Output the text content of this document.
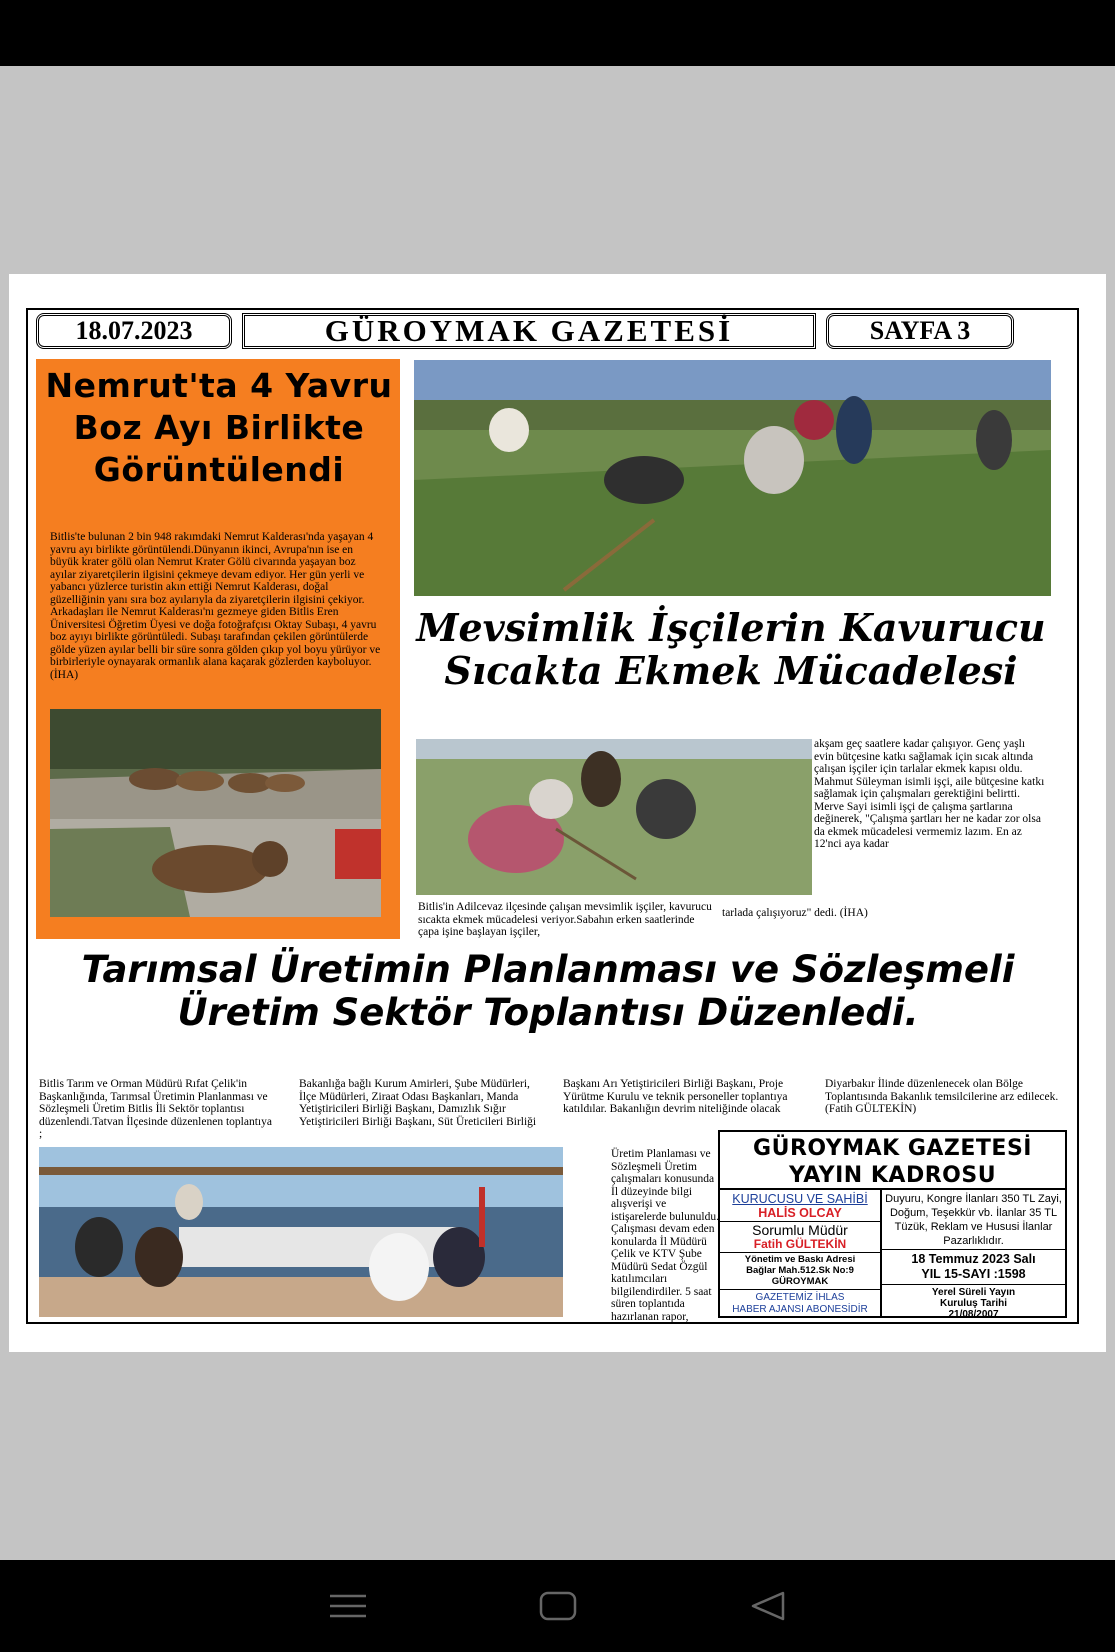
18.07.2023	GÜROYMAK GAZETESİ	SAYFA 3
Nemrut'ta 4 Yavru Boz Ayı Birlikte Görüntülendi
Bitlis'te bulunan 2 bin 948 rakımdaki Nemrut Kalderası'nda yaşayan 4 yavru ayı birlikte görüntülendi.Dünyanın ikinci, Avrupa'nın ise en büyük krater gölü olan Nemrut Krater Gölü civarında yaşayan boz ayılar ziyaretçilerin ilgisini çekmeye devam ediyor. Her gün yerli ve yabancı yüzlerce turistin akın ettiği Nemrut Kalderası, doğal güzelliğinin yanı sıra boz ayılarıyla da ziyaretçilerin ilgisini çekiyor. Arkadaşları ile Nemrut Kalderası'nı gezmeye giden Bitlis Eren Üniversitesi Öğretim Üyesi ve doğa fotoğrafçısı Oktay Subaşı, 4 yavru boz ayıyı birlikte görüntüledi. Subaşı tarafından çekilen görüntülerde gölde yüzen ayılar belli bir süre sonra gölden çıkıp yol boyu yürüyor ve birbirleriyle oynayarak ormanlık alana kaçarak gözlerden kayboluyor.(İHA)
Mevsimlik İşçilerin Kavurucu Sıcakta Ekmek Mücadelesi
Bitlis'in Adilcevaz ilçesinde çalışan mevsimlik işçiler, kavurucu sıcakta ekmek mücadelesi veriyor.Sabahın erken saatlerinde çapa işine başlayan işçiler,
akşam geç saatlere kadar çalışıyor. Genç yaşlı evin bütçesine katkı sağlamak için sıcak altında çalışan işçiler için tarlalar ekmek kapısı oldu. Mahmut Süleyman isimli işçi, aile bütçesine katkı sağlamak için çalışmaları gerektiğini belirtti. Merve Sayi isimli işçi de çalışma şartlarına değinerek, "Çalışma şartları her ne kadar zor olsa da ekmek mücadelesi vermemiz lazım. En az 12'nci aya kadar
tarlada çalışıyoruz" dedi. (İHA)
Tarımsal Üretimin Planlanması ve Sözleşmeli Üretim Sektör Toplantısı Düzenledi.
Bitlis Tarım ve Orman Müdürü Rıfat Çelik'in Başkanlığında, Tarımsal Üretimin Planlanması ve Sözleşmeli Üretim Bitlis İli Sektör toplantısı düzenlendi.Tatvan İlçesinde düzenlenen toplantıya ;
Bakanlığa bağlı Kurum Amirleri, Şube Müdürleri, İlçe Müdürleri, Ziraat Odası Başkanları, Manda Yetiştiricileri Birliği Başkanı, Damızlık Sığır Yetiştiricileri Birliği Başkanı, Süt Üreticileri Birliği
Başkanı Arı Yetiştiricileri Birliği Başkanı, Proje Yürütme Kurulu ve teknik personeller toplantıya katıldılar. Bakanlığın devrim niteliğinde olacak
Üretim Planlaması ve Sözleşmeli Üretim çalışmaları konusunda İl düzeyinde bilgi alışverişi ve istişarelerde bulunuldu. Çalışması devam eden konularda İl Müdürü Çelik ve KTV Şube Müdürü Sedat Özgül katılımcıları bilgilendirdiler. 5 saat süren toplantıda hazırlanan rapor,
Diyarbakır İlinde düzenlenecek olan Bölge Toplantısında Bakanlık temsilcilerine arz edilecek. (Fatih GÜLTEKİN)
GÜROYMAK GAZETESİ
YAYIN KADROSU
KURUCUSU VE SAHİBİ
HALİS OLCAY
Sorumlu Müdür
Fatih GÜLTEKİN
Yönetim ve Baskı Adresi
Bağlar Mah.512.Sk No:9
GÜROYMAK
GAZETEMİZ İHLAS
HABER AJANSI ABONESİDİR
Duyuru, Kongre İlanları 350 TL Zayi, Doğum, Teşekkür vb. İlanlar 35 TL Tüzük, Reklam ve Hususi İlanlar Pazarlıklıdır.
18 Temmuz 2023 Salı
YIL 15-SAYI :1598
Yerel Süreli Yayın
Kuruluş Tarihi
21/08/2007
